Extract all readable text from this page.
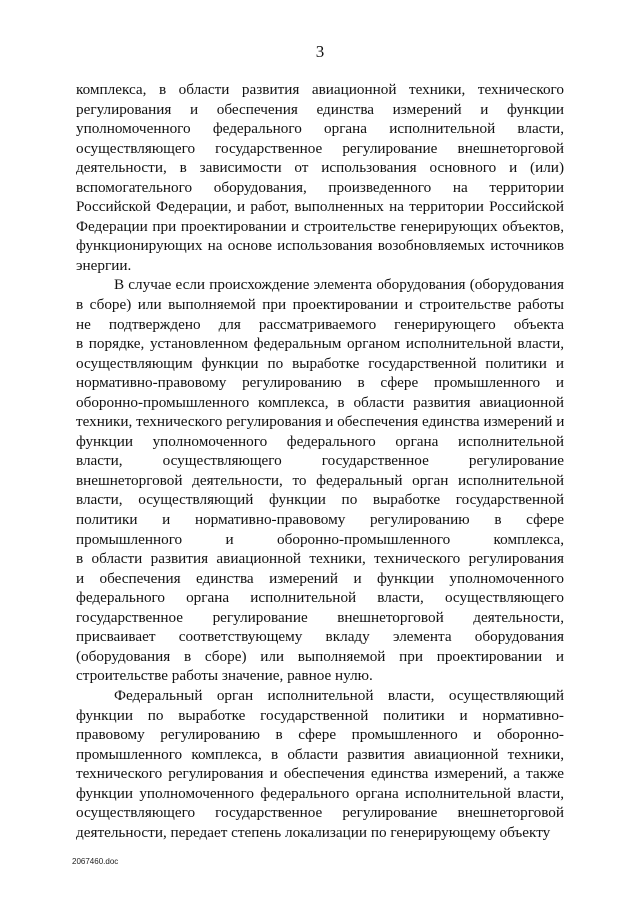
3
комплекса, в области развития авиационной техники, технического
регулирования и обеспечения единства измерений и функции
уполномоченного федерального органа исполнительной власти,
осуществляющего государственное регулирование внешнеторговой
деятельности, в зависимости от использования основного и (или)
вспомогательного оборудования, произведенного на территории
Российской Федерации, и работ, выполненных на территории Российской
Федерации при проектировании и строительстве генерирующих объектов,
функционирующих на основе использования возобновляемых источников
энергии.
В случае если происхождение элемента оборудования (оборудования
в сборе) или выполняемой при проектировании и строительстве работы
не подтверждено для рассматриваемого генерирующего объекта
в порядке, установленном федеральным органом исполнительной власти,
осуществляющим функции по выработке государственной политики и
нормативно-правовому регулированию в сфере промышленного и
оборонно-промышленного комплекса, в области развития авиационной
техники, технического регулирования и обеспечения единства измерений и
функции уполномоченного федерального органа исполнительной
власти, осуществляющего государственное регулирование
внешнеторговой деятельности, то федеральный орган исполнительной
власти, осуществляющий функции по выработке государственной
политики и нормативно-правовому регулированию в сфере
промышленного и оборонно-промышленного комплекса,
в области развития авиационной техники, технического регулирования
и обеспечения единства измерений и функции уполномоченного
федерального органа исполнительной власти, осуществляющего
государственное регулирование внешнеторговой деятельности,
присваивает соответствующему вкладу элемента оборудования
(оборудования в сборе) или выполняемой при проектировании и
строительстве работы значение, равное нулю.
Федеральный орган исполнительной власти, осуществляющий
функции по выработке государственной политики и нормативно-
правовому регулированию в сфере промышленного и оборонно-
промышленного комплекса, в области развития авиационной техники,
технического регулирования и обеспечения единства измерений, а также
функции уполномоченного федерального органа исполнительной власти,
осуществляющего государственное регулирование внешнеторговой
деятельности, передает степень локализации по генерирующему объекту
2067460.doc
